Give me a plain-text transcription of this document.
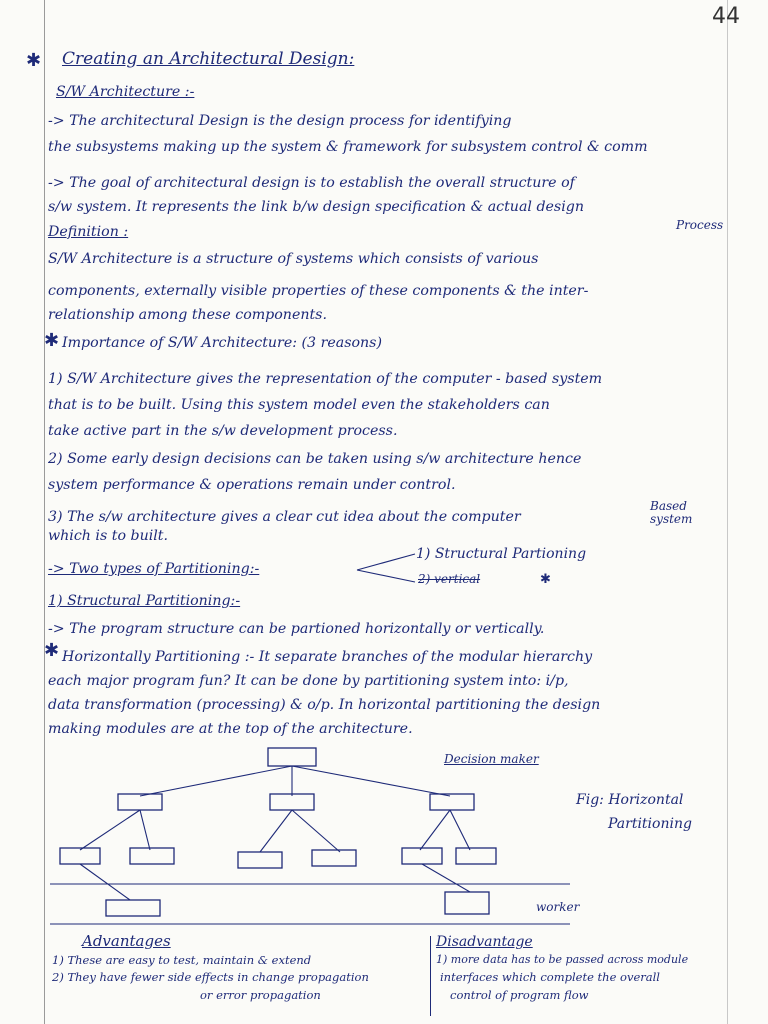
44
✱ Creating an Architectural Design:
S/W Architecture :-
-> The architectural Design is the design process for identifying
the subsystems making up the system & framework for subsystem control & comm
-> The goal of architectural design is to establish the overall structure of
s/w system. It represents the link b/w design specification & actual design
Process
Definition :
S/W Architecture is a structure of systems which consists of various
components, externally visible properties of these components & the inter-
relationship among these components.
✱ Importance of S/W Architecture: (3 reasons)
1) S/W Architecture gives the representation of the computer - based system
that is to be built. Using this system model even the stakeholders can
take active part in the s/w development process.
2) Some early design decisions can be taken using s/w architecture hence
system performance & operations remain under control.
3) The s/w architecture gives a clear cut idea about the computer
Based system
which is to built.
-> Two types of Partitioning:-
1) Structural Partioning
2) vertical	✱
1) Structural Partitioning:-
-> The program structure can be partioned horizontally or vertically.
✱ Horizontally Partitioning :- It separate branches of the modular hierarchy
each major program fun? It can be done by partitioning system into: i/p,
data transformation (processing) & o/p. In horizontal partitioning the design
making modules are at the top of the architecture.
Decision maker
Fig: Horizontal
Partitioning
worker
Advantages
1) These are easy to test, maintain & extend
2) They have fewer side effects in change propagation
or error propagation
Disadvantage
1) more data has to be passed across module
interfaces which complete the overall
control of program flow
